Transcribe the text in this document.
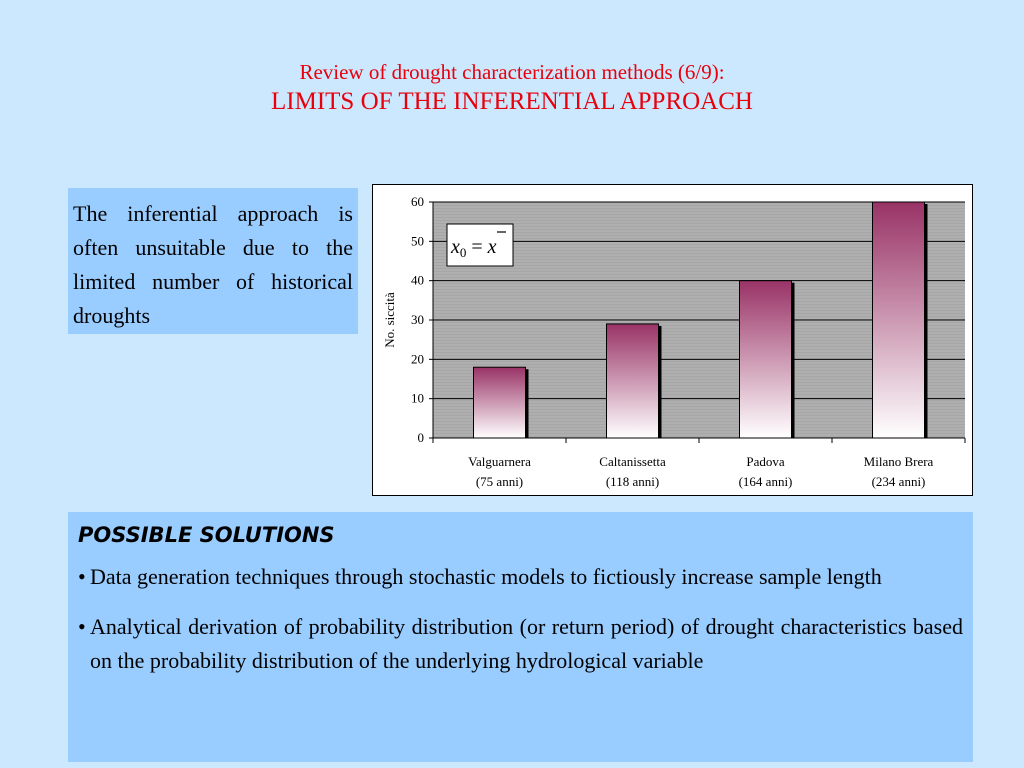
Review of drought characterization methods (6/9):
LIMITS OF THE INFERENTIAL APPROACH
The inferential approach is often unsuitable due to the limited number of historical droughts
0
10
20
30
40
50
60
Valguarnera
(75 anni)
Caltanissetta
(118 anni)
Padova
(164 anni)
Milano Brera
(234 anni)
No. siccità
$x_0 = x$
POSSIBLE SOLUTIONS
• Data generation techniques through stochastic models to fictiously increase sample length
• Analytical derivation of probability distribution (or return period) of drought characteristics based on the probability distribution of the underlying hydrological variable
